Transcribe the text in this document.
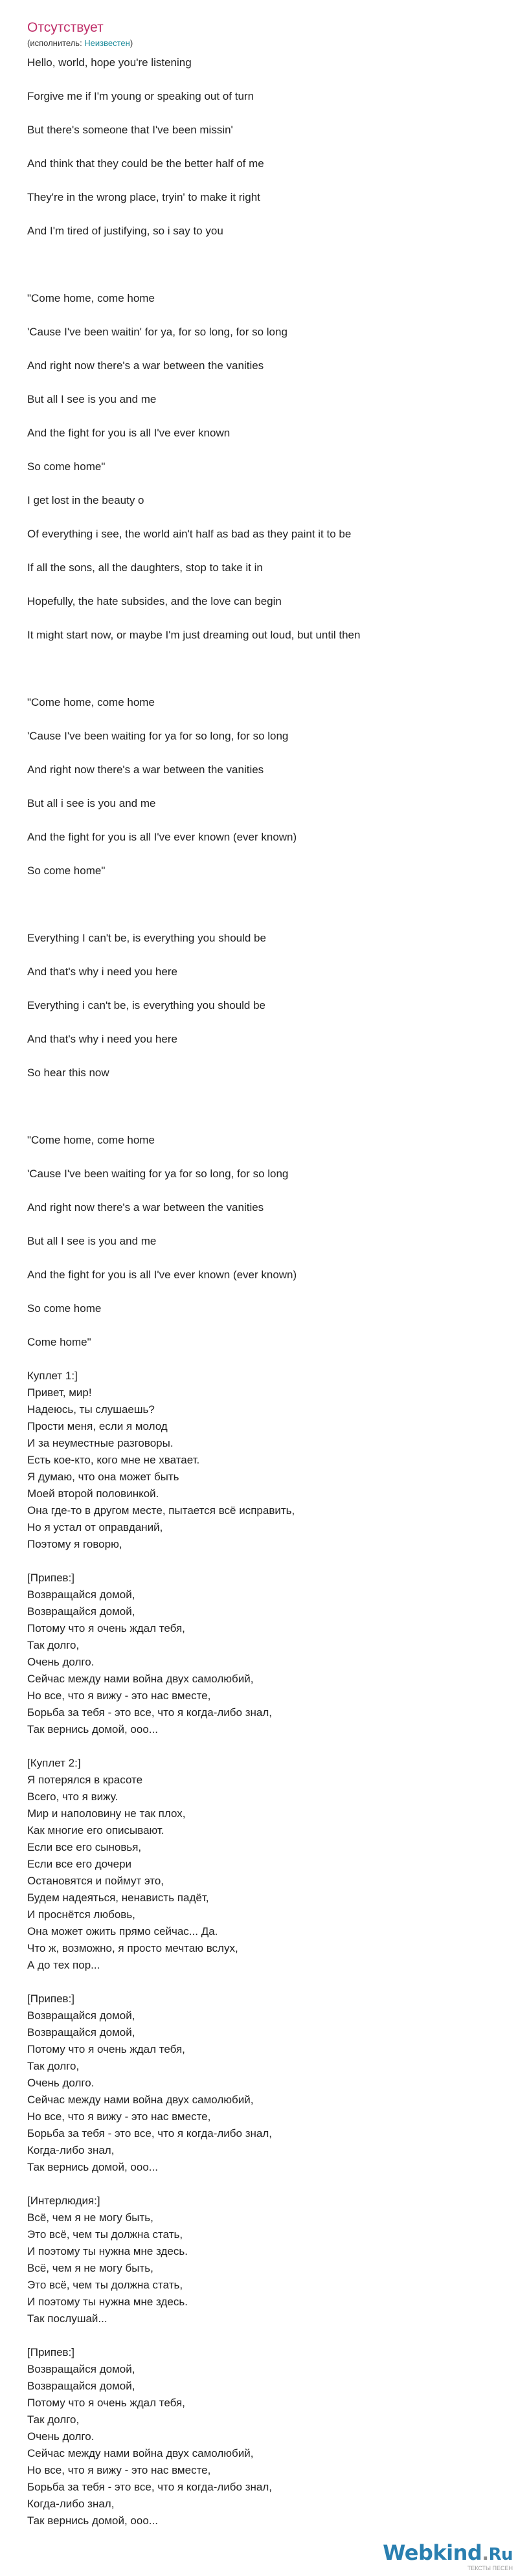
Отсутствует
(исполнитель: Неизвестен)
Hello, world, hope you're listening
Forgive me if I'm young or speaking out of turn
But there's someone that I've been missin'
And think that they could be the better half of me
They're in the wrong place, tryin' to make it right
And I'm tired of justifying, so i say to you
"Come home, come home
'Cause I've been waitin' for ya, for so long, for so long
And right now there's a war between the vanities
But all I see is you and me
And the fight for you is all I've ever known
So come home"
I get lost in the beauty o
Of everything i see, the world ain't half as bad as they paint it to be
If all the sons, all the daughters, stop to take it in
Hopefully, the hate subsides, and the love can begin
It might start now, or maybe I'm just dreaming out loud, but until then
"Come home, come home
'Cause I've been waiting for ya for so long, for so long
And right now there's a war between the vanities
But all i see is you and me
And the fight for you is all I've ever known (ever known)
So come home"
Everything I can't be, is everything you should be
And that's why i need you here
Everything i can't be, is everything you should be
And that's why i need you here
So hear this now
"Come home, come home
'Cause I've been waiting for ya for so long, for so long
And right now there's a war between the vanities
But all I see is you and me
And the fight for you is all I've ever known (ever known)
So come home
Come home"
Куплет 1:]
Привет, мир!
Надеюсь, ты слушаешь?
Прости меня, если я молод
И за неуместные разговоры.
Есть кое-кто, кого мне не хватает.
Я думаю, что она может быть
Моей второй половинкой.
Она где-то в другом месте, пытается всё исправить,
Но я устал от оправданий,
Поэтому я говорю,
[Припев:]
Возвращайся домой,
Возвращайся домой,
Потому что я очень ждал тебя,
Так долго,
Очень долго.
Сейчас между нами война двух самолюбий,
Но все, что я вижу - это нас вместе,
Борьба за тебя - это все, что я когда-либо знал,
Так вернись домой, ооо...
[Куплет 2:]
Я потерялся в красоте
Всего, что я вижу.
Мир и наполовину не так плох,
Как многие его описывают.
Если все его сыновья,
Если все его дочери
Остановятся и поймут это,
Будем надеяться, ненависть падёт,
И проснётся любовь,
Она может ожить прямо сейчас... Да.
Что ж, возможно, я просто мечтаю вслух,
А до тех пор...
[Припев:]
Возвращайся домой,
Возвращайся домой,
Потому что я очень ждал тебя,
Так долго,
Очень долго.
Сейчас между нами война двух самолюбий,
Но все, что я вижу - это нас вместе,
Борьба за тебя - это все, что я когда-либо знал,
Когда-либо знал,
Так вернись домой, ооо...
[Интерлюдия:]
Всё, чем я не могу быть,
Это всё, чем ты должна стать,
И поэтому ты нужна мне здесь.
Всё, чем я не могу быть,
Это всё, чем ты должна стать,
И поэтому ты нужна мне здесь.
Так послушай...
[Припев:]
Возвращайся домой,
Возвращайся домой,
Потому что я очень ждал тебя,
Так долго,
Очень долго.
Сейчас между нами война двух самолюбий,
Но все, что я вижу - это нас вместе,
Борьба за тебя - это все, что я когда-либо знал,
Когда-либо знал,
Так вернись домой, ооо...
Webkind.Ru
ТЕКСТЫ ПЕСЕН
